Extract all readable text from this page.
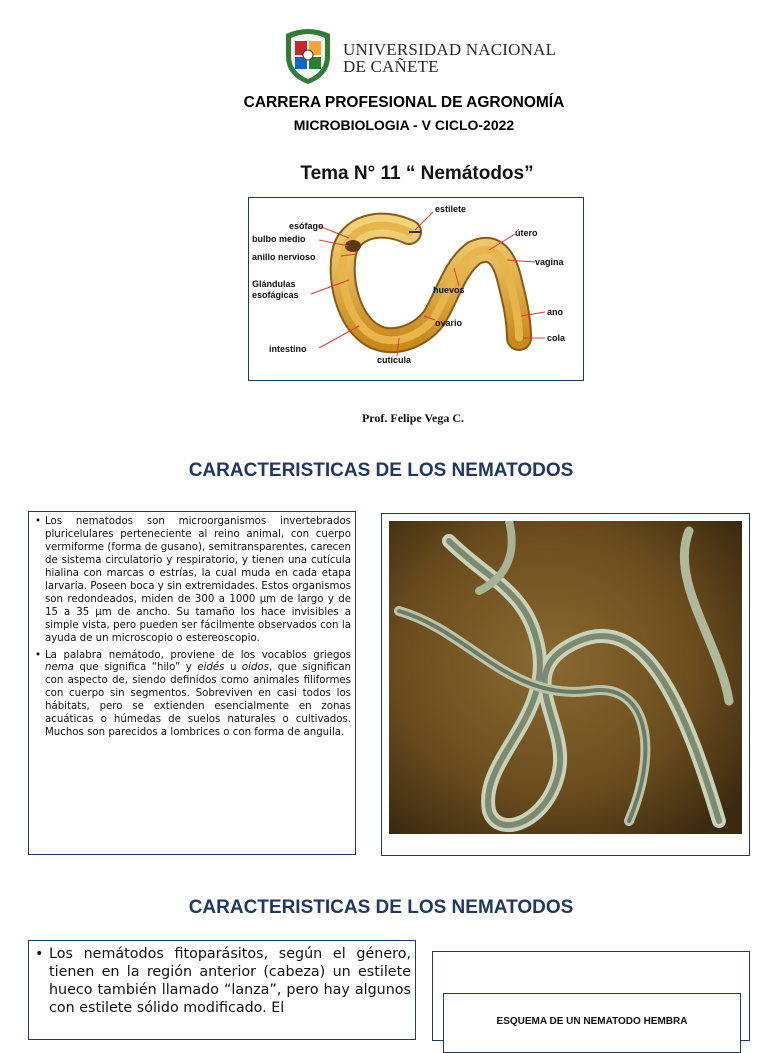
UNIVERSIDAD NACIONAL
DE CAÑETE
CARRERA PROFESIONAL DE AGRONOMÍA
MICROBIOLOGIA - V CICLO-2022
Tema N° 11 “ Nemátodos”
estilete
esófago
bulbo medio
anillo nervioso
Glándulas
esofágicas
intestino
cutícula
ovario
huevos
útero
vagina
ano
cola
Prof. Felipe Vega C.
CARACTERISTICAS DE LOS NEMATODOS

• Los nematodos son microorganismos invertebrados pluricelulares perteneciente al reino animal, con cuerpo vermiforme (forma de gusano), semitransparentes, carecen de sistema circulatorio y respiratorio, y tienen una cutícula hialina con marcas o estrías, la cual muda en cada etapa larvaria. Poseen boca y sin extremidades. Estos organismos son redondeados, miden de 300 a 1000 µm de largo y de 15 a 35 µm de ancho. Su tamaño los hace invisibles a simple vista, pero pueden ser fácilmente observados con la ayuda de un microscopio o estereoscopio.

• La palabra nemátodo, proviene de los vocablos griegos nema que significa “hilo” y eidés u oidos, que significan con aspecto de, siendo definidos como animales filiformes con cuerpo sin segmentos. Sobreviven en casi todos los hábitats, pero se extienden esencialmente en zonas acuáticas o húmedas de suelos naturales o cultivados. Muchos son parecidos a lombrices o con forma de anguila.

CARACTERISTICAS DE LOS NEMATODOS

• Los nemátodos fitoparásitos, según el género, tienen en la región anterior (cabeza) un estilete hueco también llamado “lanza”, pero hay algunos con estilete sólido modificado. El

ESQUEMA DE UN NEMATODO HEMBRA
